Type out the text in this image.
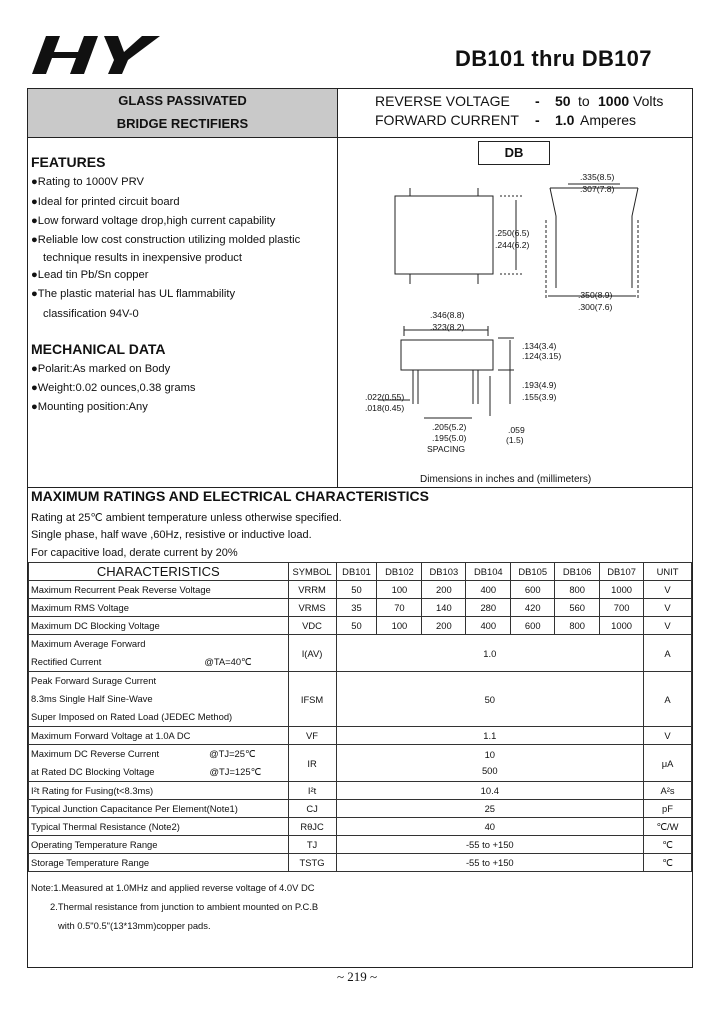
DB101 thru DB107
GLASS PASSIVATED
BRIDGE RECTIFIERS
REVERSE VOLTAGE - 50 to 1000 Volts
FORWARD CURRENT - 1.0 Amperes
FEATURES
●Rating to 1000V PRV
●Ideal for printed circuit board
●Low forward voltage drop,high current capability
●Reliable low cost construction utilizing molded plastic
technique results in inexpensive product
●Lead tin Pb/Sn copper
●The plastic material has UL flammability
classification 94V-0
MECHANICAL DATA
●Polarit:As marked on Body
●Weight:0.02 ounces,0.38 grams
●Mounting position:Any
DB
.335(8.5)
.307(7.8)
.250(6.5)
.244(6.2)
.350(8.9)
.300(7.6)
.346(8.8)
.323(8.2)
.134(3.4)
.124(3.15)
.193(4.9)
.155(3.9)
.022(0.55)
.018(0.45)
.205(5.2)
.195(5.0)
.059
(1.5)
SPACING
Dimensions in inches and (millimeters)
MAXIMUM RATINGS AND ELECTRICAL CHARACTERISTICS
Rating at 25℃ ambient temperature unless otherwise specified.
Single phase, half wave ,60Hz, resistive or inductive load.
For capacitive load, derate current by 20%
CHARACTERISTICS	SYMBOL	DB101	DB102	DB103	DB104	DB105	DB106	DB107	UNIT
Maximum Recurrent Peak Reverse Voltage	VRRM	50	100	200	400	600	800	1000	V
Maximum RMS Voltage	VRMS	35	70	140	280	420	560	700	V
Maximum DC Blocking Voltage	VDC	50	100	200	400	600	800	1000	V
Maximum Average Forward
Rectified Current @TA=40℃	I(AV)	1.0							A
Peak Forward Surage Current
8.3ms Single Half Sine-Wave
Super Imposed on Rated Load (JEDEC Method)	IFSM	50							A
Maximum Forward Voltage at 1.0A DC	VF	1.1							V
Maximum DC Reverse Current @TJ=25℃
at Rated DC Blocking Voltage @TJ=125℃	IR	10
500							μA
I²t Rating for Fusing(t<8.3ms)	I²t	10.4							A²s
Typical Junction Capacitance Per Element(Note1)	CJ	25							pF
Typical Thermal Resistance (Note2)	RθJC	40							℃/W
Operating Temperature Range	TJ	-55 to +150							℃
Storage Temperature Range	TSTG	-55 to +150							℃
Note:1.Measured at 1.0MHz and applied reverse voltage of 4.0V DC
2.Thermal resistance from junction to ambient mounted on P.C.B
with 0.5"0.5"(13*13mm)copper pads.
~ 219 ~
